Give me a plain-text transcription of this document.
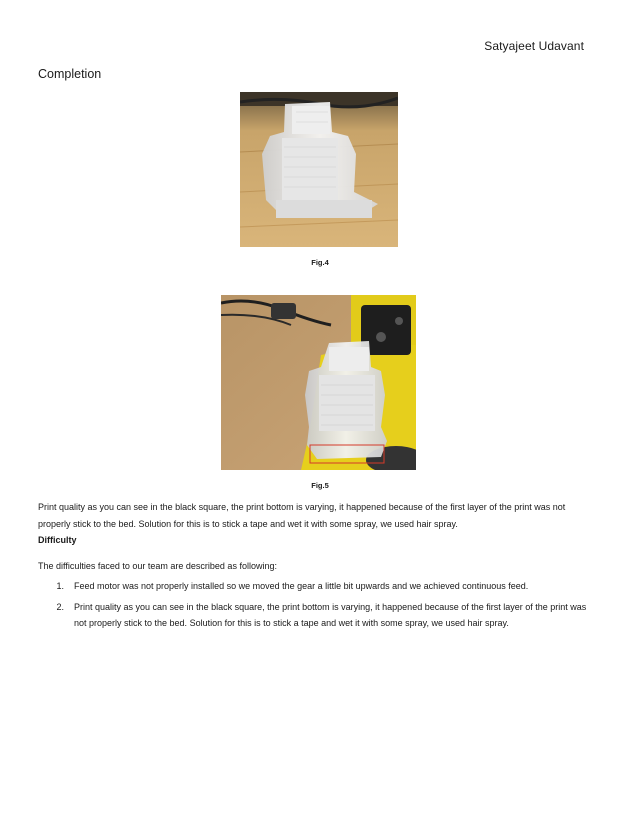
Satyajeet Udavant
Completion
Fig.4
Fig.5
Print quality as you can see in the black square, the print bottom is varying, it happened because of the first layer of the print was not properly stick to the bed. Solution for this is to stick a tape and wet it with some spray, we used hair spray.
Difficulty
The difficulties faced to our team are described as following:
1.	Feed motor was not properly installed so we moved the gear a little bit upwards and we achieved continuous feed.
2.	Print quality as you can see in the black square, the print bottom is varying, it happened because of the first layer of the print was not properly stick to the bed. Solution for this is to stick a tape and wet it with some spray, we used hair spray.
